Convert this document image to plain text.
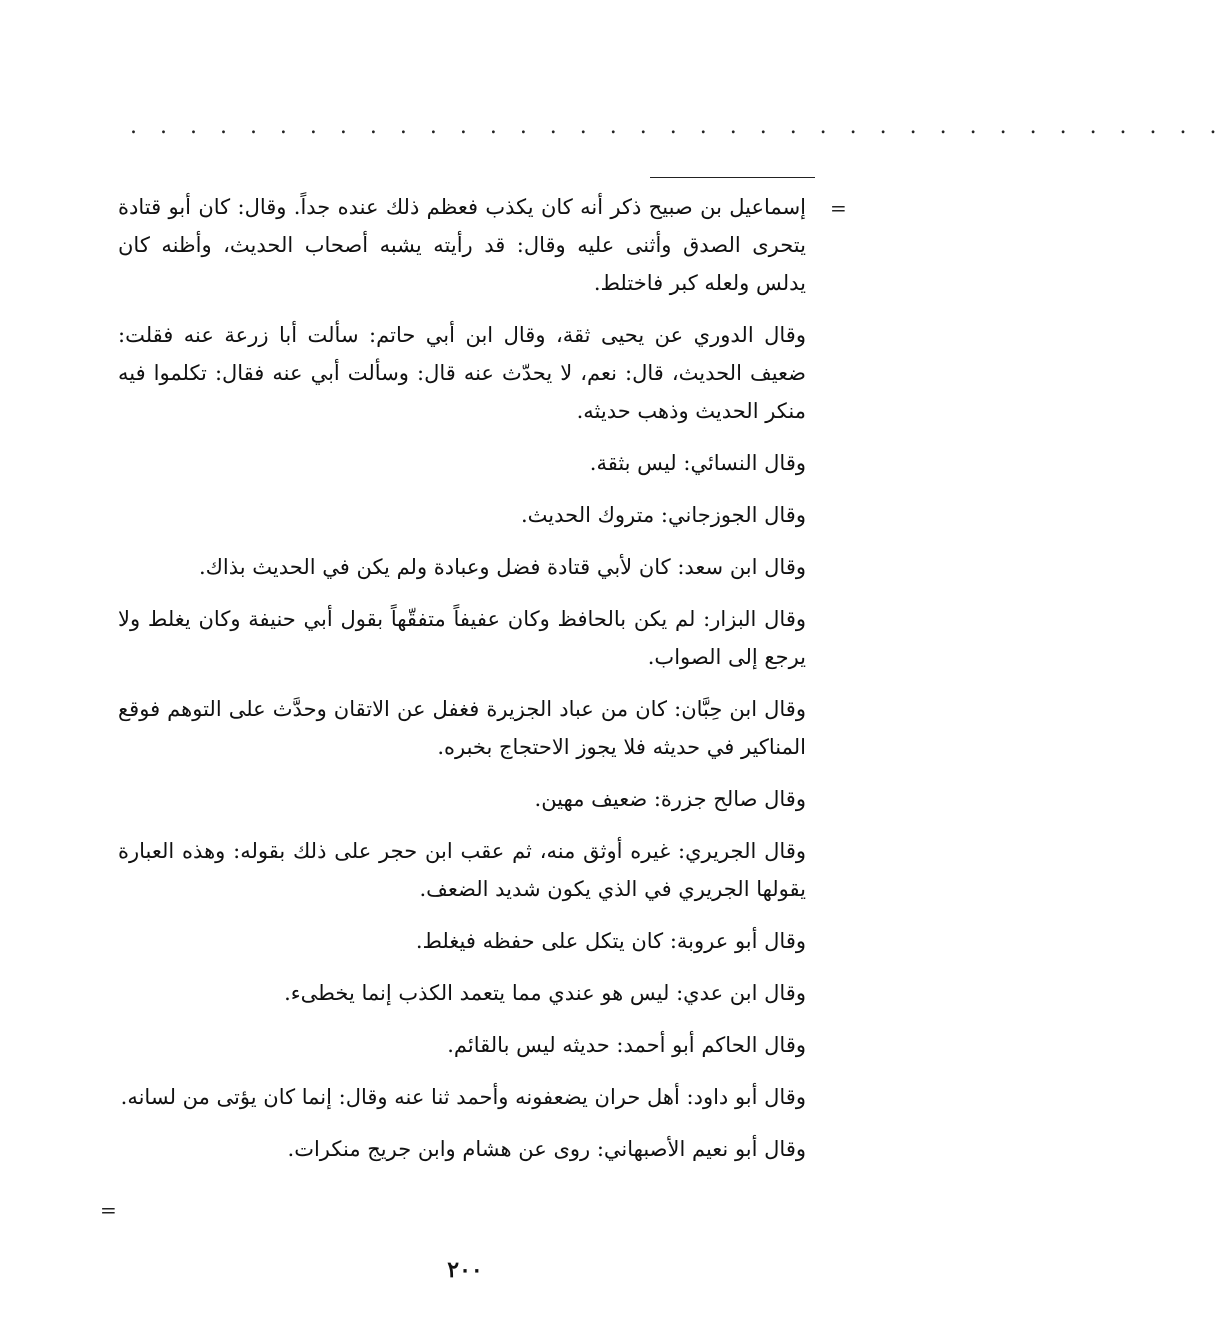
. . . . . . . . . . . . . . . . . . . . . . . . . . . . . . . . . . . . .
=

إسماعيل بن صبيح ذكر أنه كان يكذب فعظم ذلك عنده جداً. وقال: كان أبو قتادة يتحرى الصدق وأثنى عليه وقال: قد رأيته يشبه أصحاب الحديث، وأظنه كان يدلس ولعله كبر فاختلط.

وقال الدوري عن يحيى ثقة، وقال ابن أبي حاتم: سألت أبا زرعة عنه فقلت: ضعيف الحديث، قال: نعم، لا يحدّث عنه قال: وسألت أبي عنه فقال: تكلموا فيه منكر الحديث وذهب حديثه.

وقال النسائي: ليس بثقة.

وقال الجوزجاني: متروك الحديث.

وقال ابن سعد: كان لأبي قتادة فضل وعبادة ولم يكن في الحديث بذاك.

وقال البزار: لم يكن بالحافظ وكان عفيفاً متفقّهاً بقول أبي حنيفة وكان يغلط ولا يرجع إلى الصواب.

وقال ابن حِبَّان: كان من عباد الجزيرة فغفل عن الاتقان وحدَّث على التوهم فوقع المناكير في حديثه فلا يجوز الاحتجاج بخبره.

وقال صالح جزرة: ضعيف مهين.

وقال الجريري: غيره أوثق منه، ثم عقب ابن حجر على ذلك بقوله: وهذه العبارة يقولها الجريري في الذي يكون شديد الضعف.

وقال أبو عروبة: كان يتكل على حفظه فيغلط.

وقال ابن عدي: ليس هو عندي مما يتعمد الكذب إنما يخطىء.

وقال الحاكم أبو أحمد: حديثه ليس بالقائم.

وقال أبو داود: أهل حران يضعفونه وأحمد ثنا عنه وقال: إنما كان يؤتى من لسانه.

وقال أبو نعيم الأصبهاني: روى عن هشام وابن جريج منكرات.

=
٢٠٠
